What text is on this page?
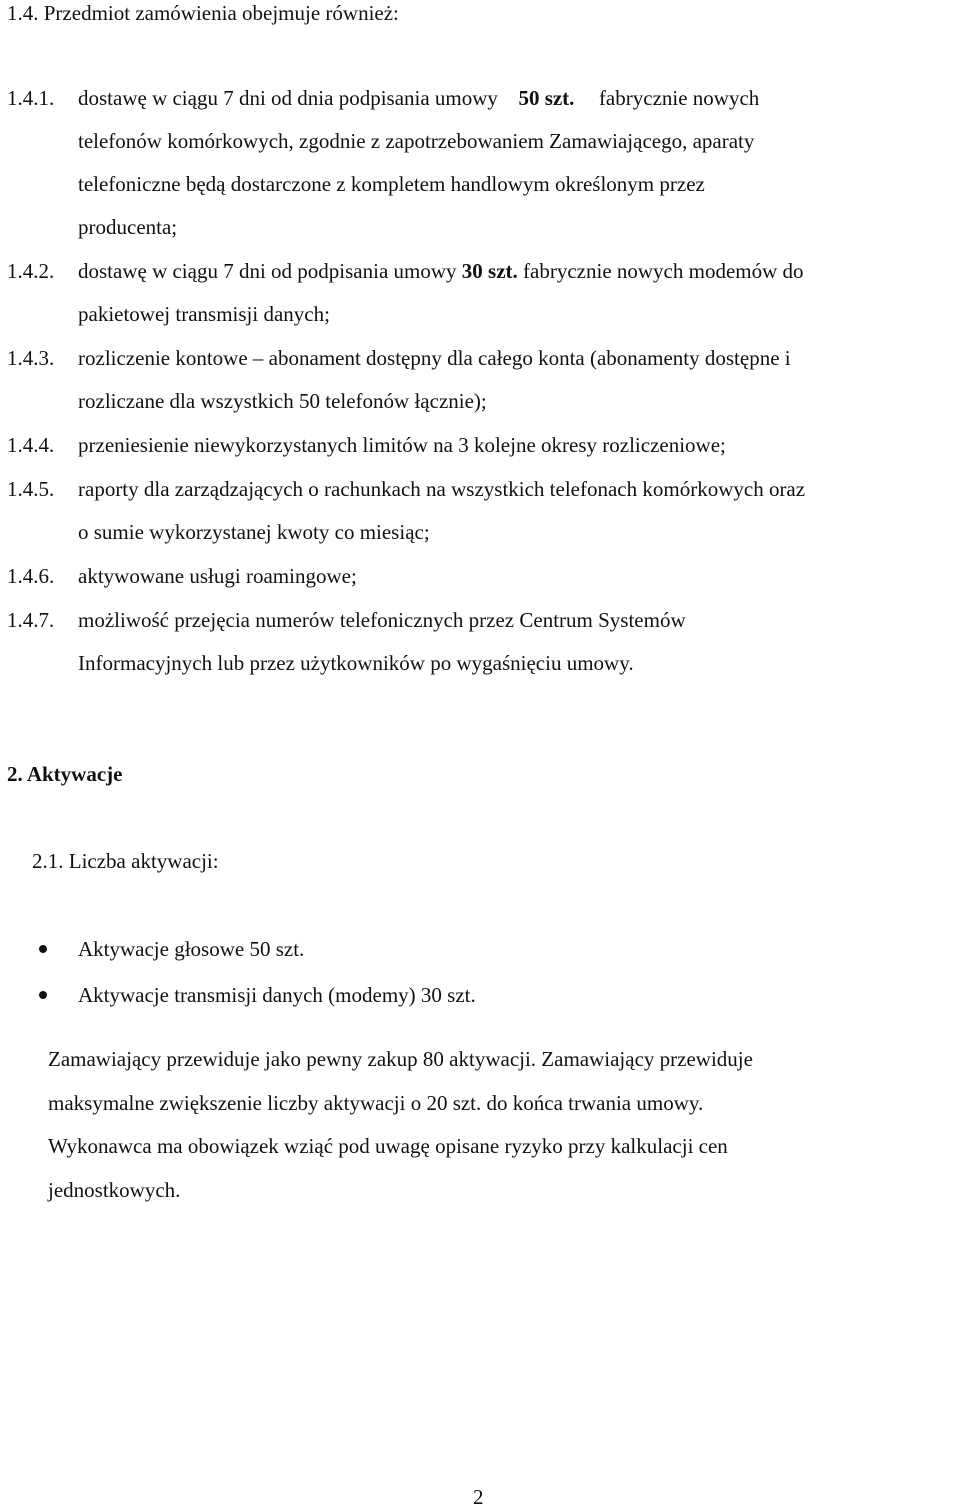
1.4. Przedmiot zamówienia obejmuje również:
1.4.1. dostawę w ciągu 7 dni od dnia podpisania umowy 50 szt. fabrycznie nowych
telefonów komórkowych, zgodnie z zapotrzebowaniem Zamawiającego, aparaty
telefoniczne będą dostarczone z kompletem handlowym określonym przez
producenta;
1.4.2. dostawę w ciągu 7 dni od podpisania umowy 30 szt. fabrycznie nowych modemów do
pakietowej transmisji danych;
1.4.3. rozliczenie kontowe – abonament dostępny dla całego konta (abonamenty dostępne i
rozliczane dla wszystkich 50 telefonów łącznie);
1.4.4. przeniesienie niewykorzystanych limitów na 3 kolejne okresy rozliczeniowe;
1.4.5. raporty dla zarządzających o rachunkach na wszystkich telefonach komórkowych oraz
o sumie wykorzystanej kwoty co miesiąc;
1.4.6. aktywowane usługi roamingowe;
1.4.7. możliwość przejęcia numerów telefonicznych przez Centrum Systemów
Informacyjnych lub przez użytkowników po wygaśnięciu umowy.
2. Aktywacje
2.1. Liczba aktywacji:
Aktywacje głosowe 50 szt.
Aktywacje transmisji danych (modemy) 30 szt.
Zamawiający przewiduje jako pewny zakup 80 aktywacji. Zamawiający przewiduje
maksymalne zwiększenie liczby aktywacji o 20 szt. do końca trwania umowy.
Wykonawca ma obowiązek wziąć pod uwagę opisane ryzyko przy kalkulacji cen
jednostkowych.
2
